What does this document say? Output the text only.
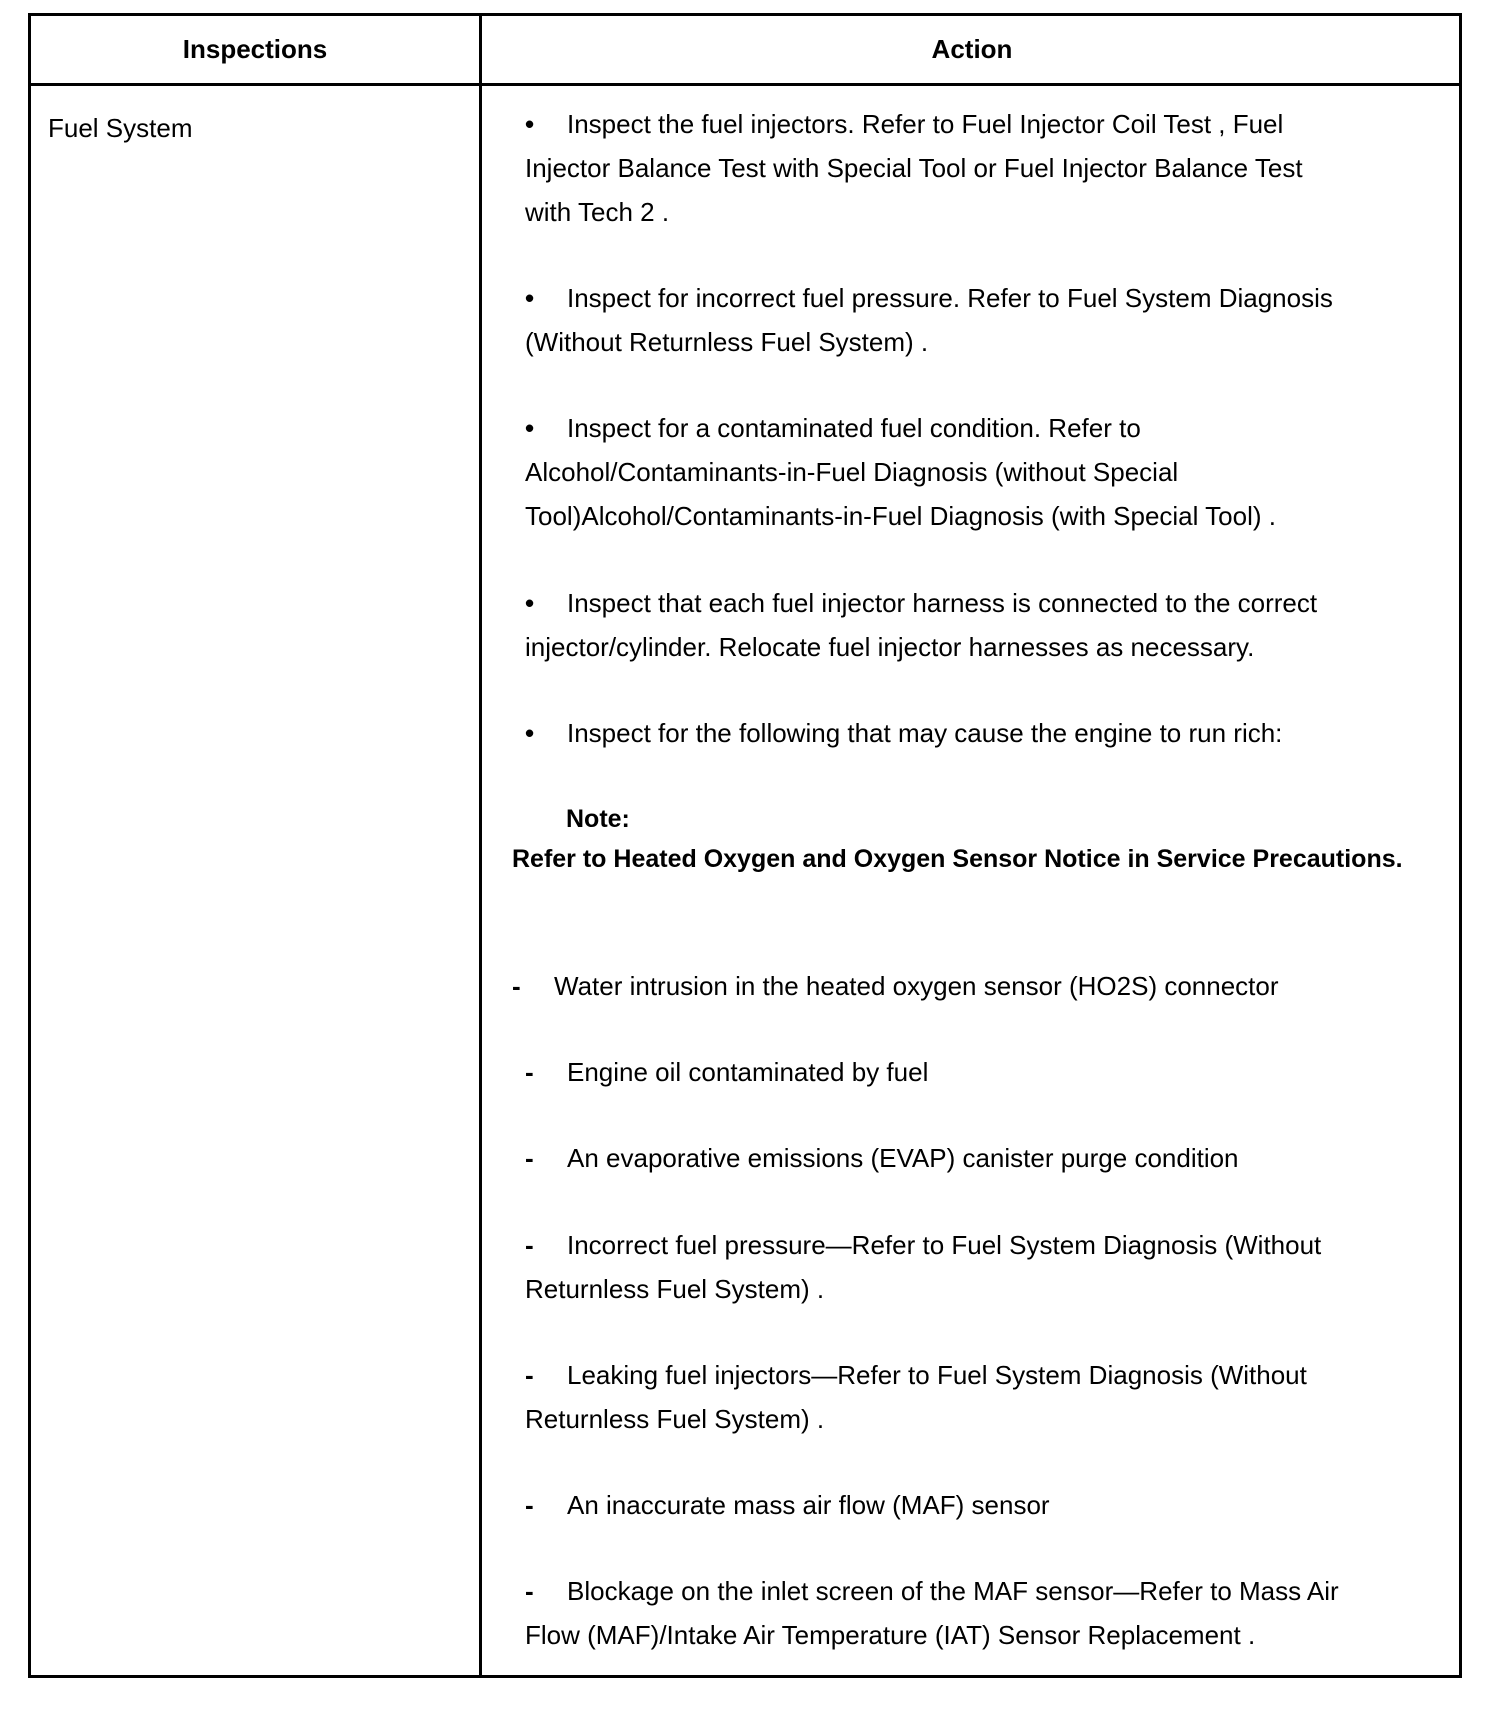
Inspections	Action
Fuel System	• Inspect the fuel injectors. Refer to Fuel Injector Coil Test , Fuel
Injector Balance Test with Special Tool or Fuel Injector Balance Test
with Tech 2 .
• Inspect for incorrect fuel pressure. Refer to Fuel System Diagnosis
(Without Returnless Fuel System) .
• Inspect for a contaminated fuel condition. Refer to
Alcohol/Contaminants-in-Fuel Diagnosis (without Special
Tool)Alcohol/Contaminants-in-Fuel Diagnosis (with Special Tool) .
• Inspect that each fuel injector harness is connected to the correct
injector/cylinder. Relocate fuel injector harnesses as necessary.
• Inspect for the following that may cause the engine to run rich:
Note:
Refer to Heated Oxygen and Oxygen Sensor Notice in Service Precautions.
- Water intrusion in the heated oxygen sensor (HO2S) connector
- Engine oil contaminated by fuel
- An evaporative emissions (EVAP) canister purge condition
- Incorrect fuel pressure—Refer to Fuel System Diagnosis (Without
Returnless Fuel System) .
- Leaking fuel injectors—Refer to Fuel System Diagnosis (Without
Returnless Fuel System) .
- An inaccurate mass air flow (MAF) sensor
- Blockage on the inlet screen of the MAF sensor—Refer to Mass Air
Flow (MAF)/Intake Air Temperature (IAT) Sensor Replacement .
